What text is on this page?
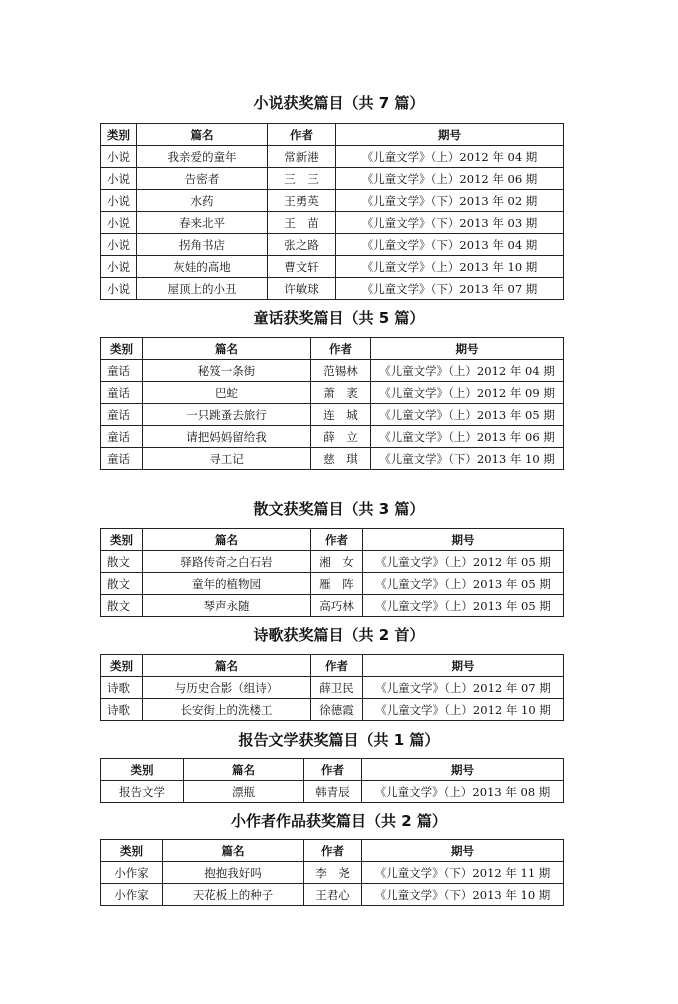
小说获奖篇目（共 7 篇）
类别	篇名	作者	期号
小说	我亲爱的童年	常新港	《儿童文学》（上）2012 年 04 期
小说	告密者	三　三	《儿童文学》（上）2012 年 06 期
小说	水药	王勇英	《儿童文学》（下）2013 年 02 期
小说	春来北平	王　苗	《儿童文学》（下）2013 年 03 期
小说	拐角书店	张之路	《儿童文学》（下）2013 年 04 期
小说	灰娃的高地	曹文轩	《儿童文学》（上）2013 年 10 期
小说	屋顶上的小丑	许敏球	《儿童文学》（下）2013 年 07 期
童话获奖篇目（共 5 篇）
类别	篇名	作者	期号
童话	秘笈一条街	范锡林	《儿童文学》（上）2012 年 04 期
童话	巴蛇	萧　袤	《儿童文学》（上）2012 年 09 期
童话	一只跳蚤去旅行	连　城	《儿童文学》（上）2013 年 05 期
童话	请把妈妈留给我	薛　立	《儿童文学》（上）2013 年 06 期
童话	寻工记	慈　琪	《儿童文学》（下）2013 年 10 期
散文获奖篇目（共 3 篇）
类别	篇名	作者	期号
散文	驿路传奇之白石岩	湘　女	《儿童文学》（上）2012 年 05 期
散文	童年的植物园	雁　阵	《儿童文学》（上）2013 年 05 期
散文	琴声永随	高巧林	《儿童文学》（上）2013 年 05 期
诗歌获奖篇目（共 2 首）
类别	篇名	作者	期号
诗歌	与历史合影（组诗）	薛卫民	《儿童文学》（上）2012 年 07 期
诗歌	长安街上的洗楼工	徐德霞	《儿童文学》（上）2012 年 10 期
报告文学获奖篇目（共 1 篇）
类别	篇名	作者	期号
报告文学	漂瓶	韩青辰	《儿童文学》（上）2013 年 08 期
小作者作品获奖篇目（共 2 篇）
类别	篇名	作者	期号
小作家	抱抱我好吗	李　尧	《儿童文学》（下）2012 年 11 期
小作家	天花板上的种子	王君心	《儿童文学》（下）2013 年 10 期
